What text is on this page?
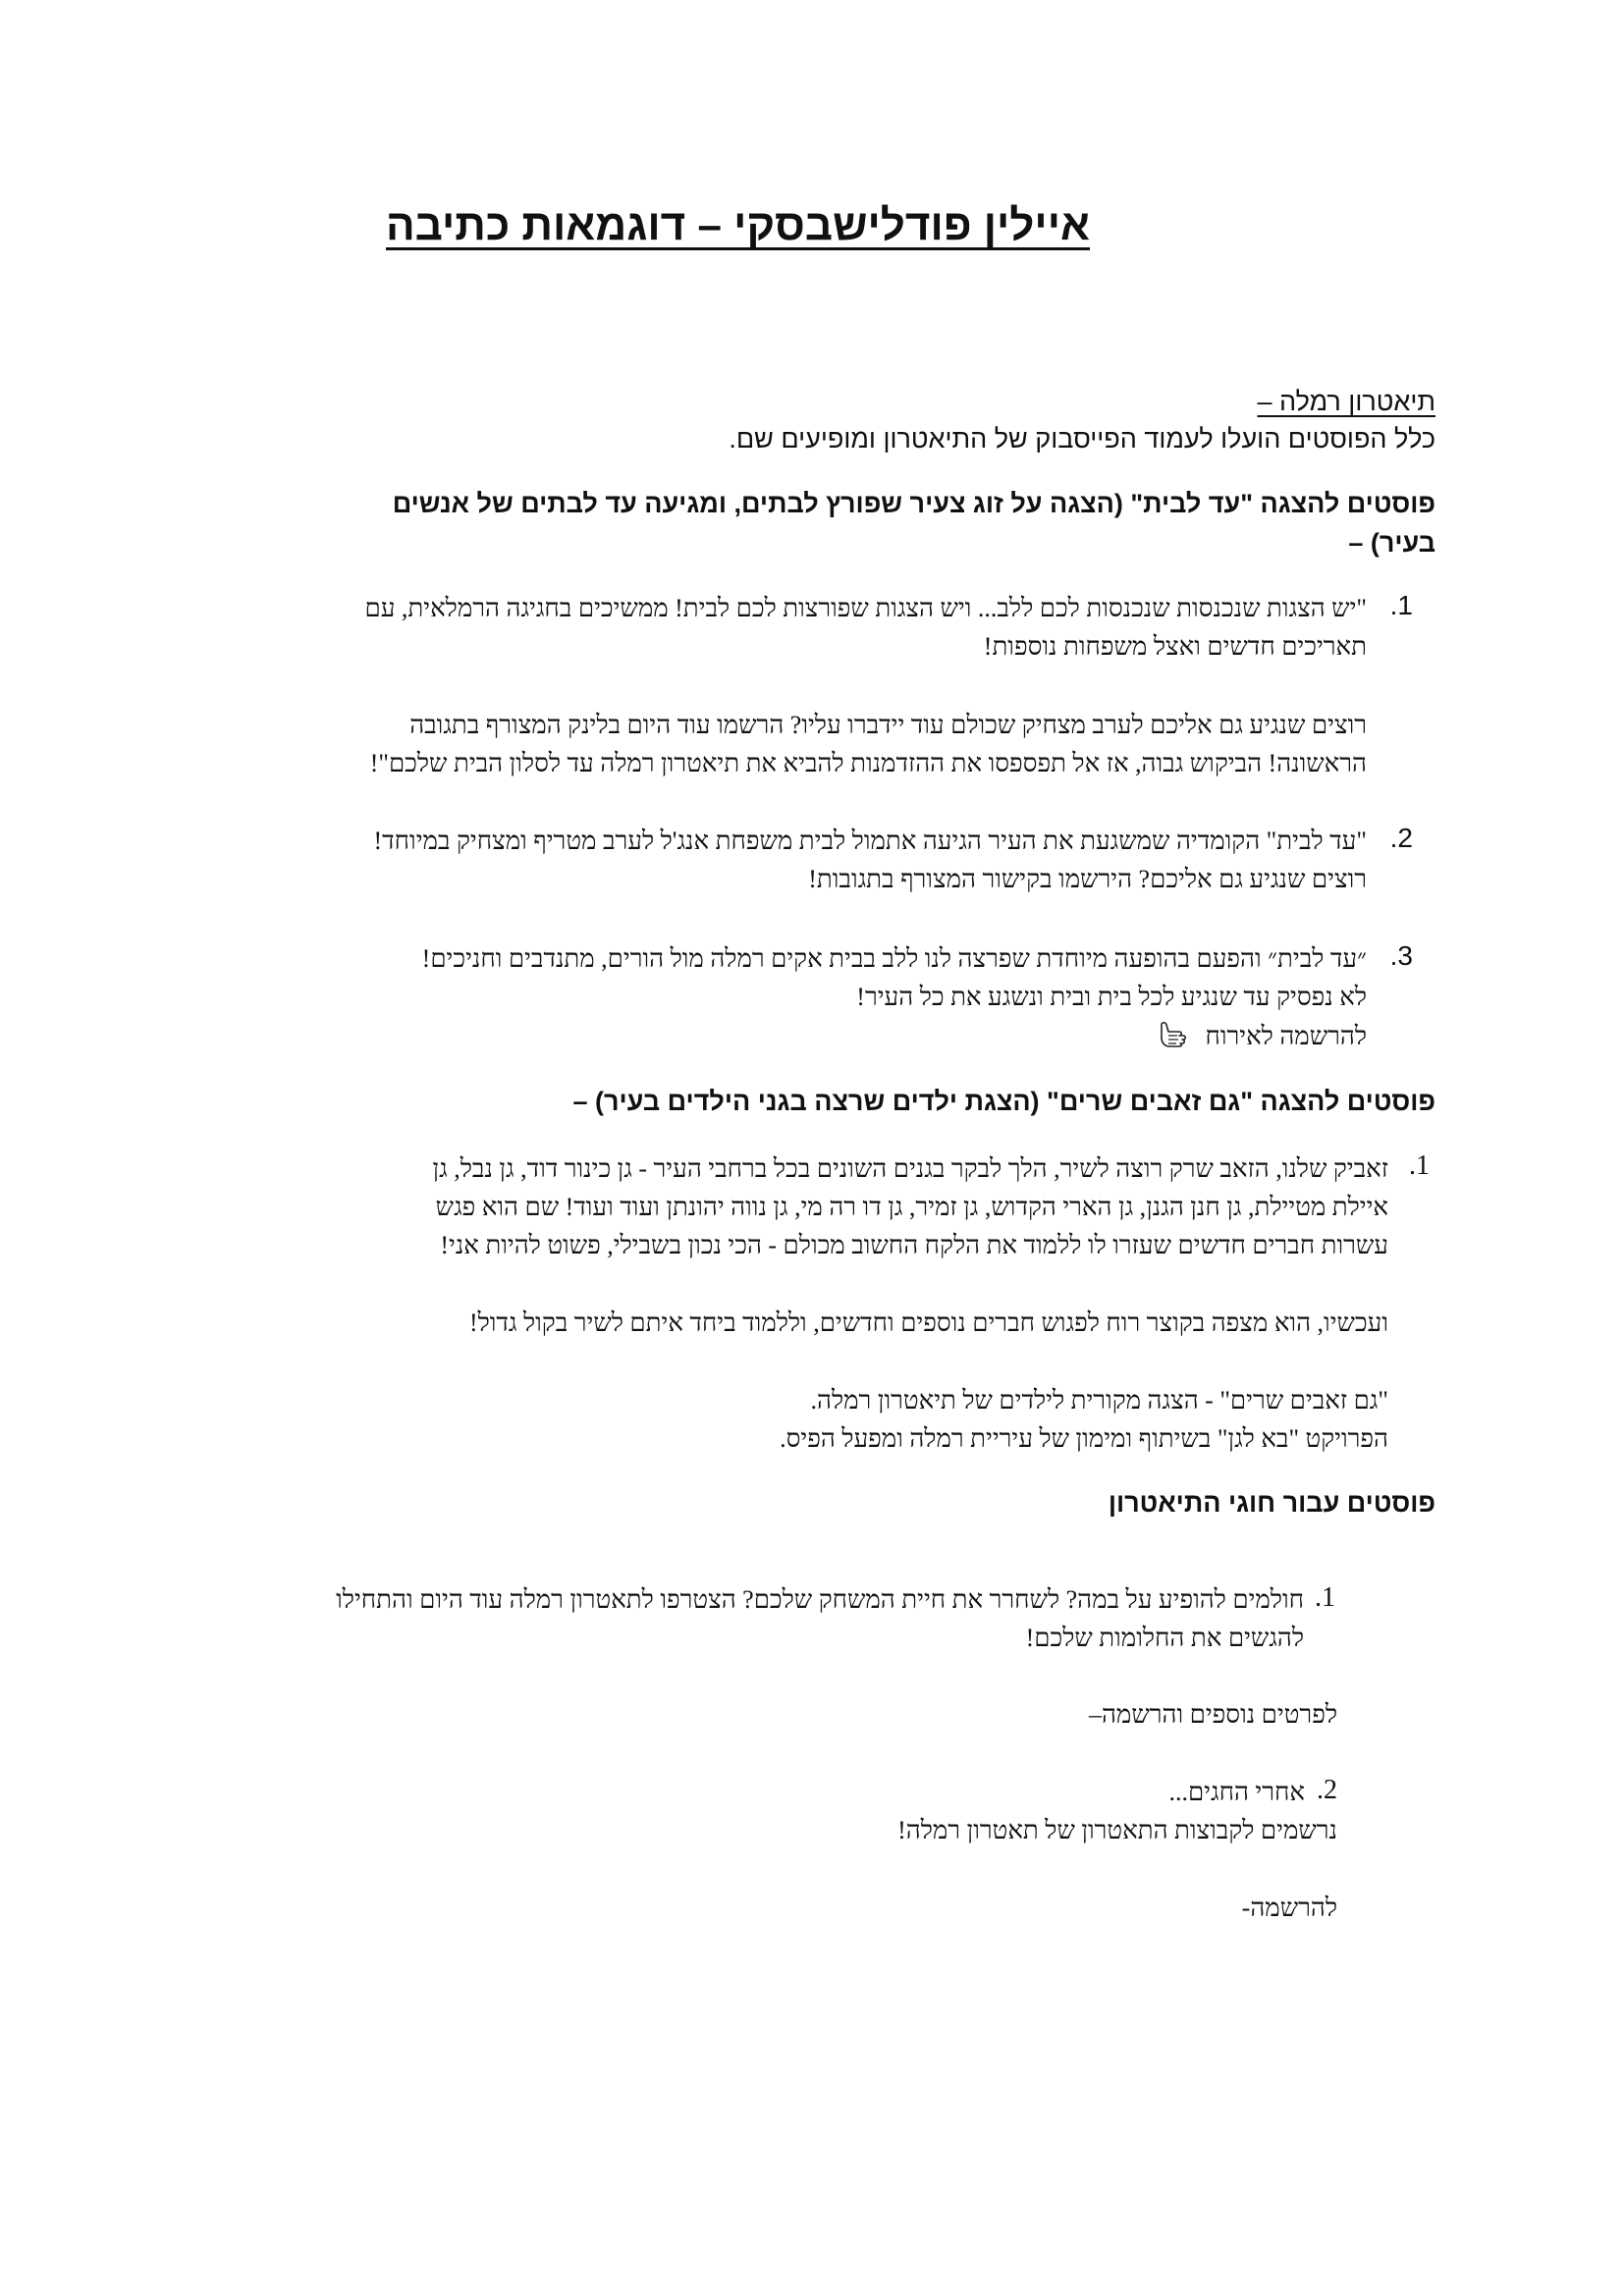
איילין פודלישבסקי – דוגמאות כתיבה
תיאטרון רמלה –
כלל הפוסטים הועלו לעמוד הפייסבוק של התיאטרון ומופיעים שם.
פוסטים להצגה "עד לבית" (הצגה על זוג צעיר שפורץ לבתים, ומגיעה עד לבתים של אנשים
בעיר) –
1.
"יש הצגות שנכנסות שנכנסות לכם ללב... ויש הצגות שפורצות לכם לבית! ממשיכים בחגיגה הרמלאית, עם
תאריכים חדשים ואצל משפחות נוספות!
רוצים שנגיע גם אליכם לערב מצחיק שכולם עוד יידברו עליו? הרשמו עוד היום בלינק המצורף בתגובה
הראשונה! הביקוש גבוה, אז אל תפספסו את ההזדמנות להביא את תיאטרון רמלה עד לסלון הבית שלכם"!
2.
"עד לבית" הקומדיה שמשגעת את העיר הגיעה אתמול לבית משפחת אנג'ל לערב מטריף ומצחיק במיוחד!
רוצים שנגיע גם אליכם? הירשמו בקישור המצורף בתגובות!
3.
״עד לבית״ והפעם בהופעה מיוחדת שפרצה לנו ללב בבית אקים רמלה מול הורים, מתנדבים וחניכים!
לא נפסיק עד שנגיע לכל בית ובית ונשגע את כל העיר!
להרשמה לאירוח
פוסטים להצגה "גם זאבים שרים" (הצגת ילדים שרצה בגני הילדים בעיר) –
1.
זאביק שלנו, הזאב שרק רוצה לשיר, הלך לבקר בגנים השונים בכל ברחבי העיר - גן כינור דוד, גן נבל, גן
איילת מטיילת, גן חנן הגנן, גן הארי הקדוש, גן זמיר, גן דו רה מי, גן נווה יהונתן ועוד ועוד! שם הוא פגש
עשרות חברים חדשים שעזרו לו ללמוד את הלקח החשוב מכולם - הכי נכון בשבילי, פשוט להיות אני!
ועכשיו, הוא מצפה בקוצר רוח לפגוש חברים נוספים וחדשים, וללמוד ביחד איתם לשיר בקול גדול!
"גם זאבים שרים" - הצגה מקורית לילדים של תיאטרון רמלה.
הפרויקט "בא לגן" בשיתוף ומימון של עיריית רמלה ומפעל הפיס.
פוסטים עבור חוגי התיאטרון
1.
חולמים להופיע על במה? לשחרר את חיית המשחק שלכם? הצטרפו לתאטרון רמלה עוד היום והתחילו
להגשים את החלומות שלכם!
לפרטים נוספים והרשמה–
2.
אחרי החגים...
נרשמים לקבוצות התאטרון של תאטרון רמלה!
להרשמה-
